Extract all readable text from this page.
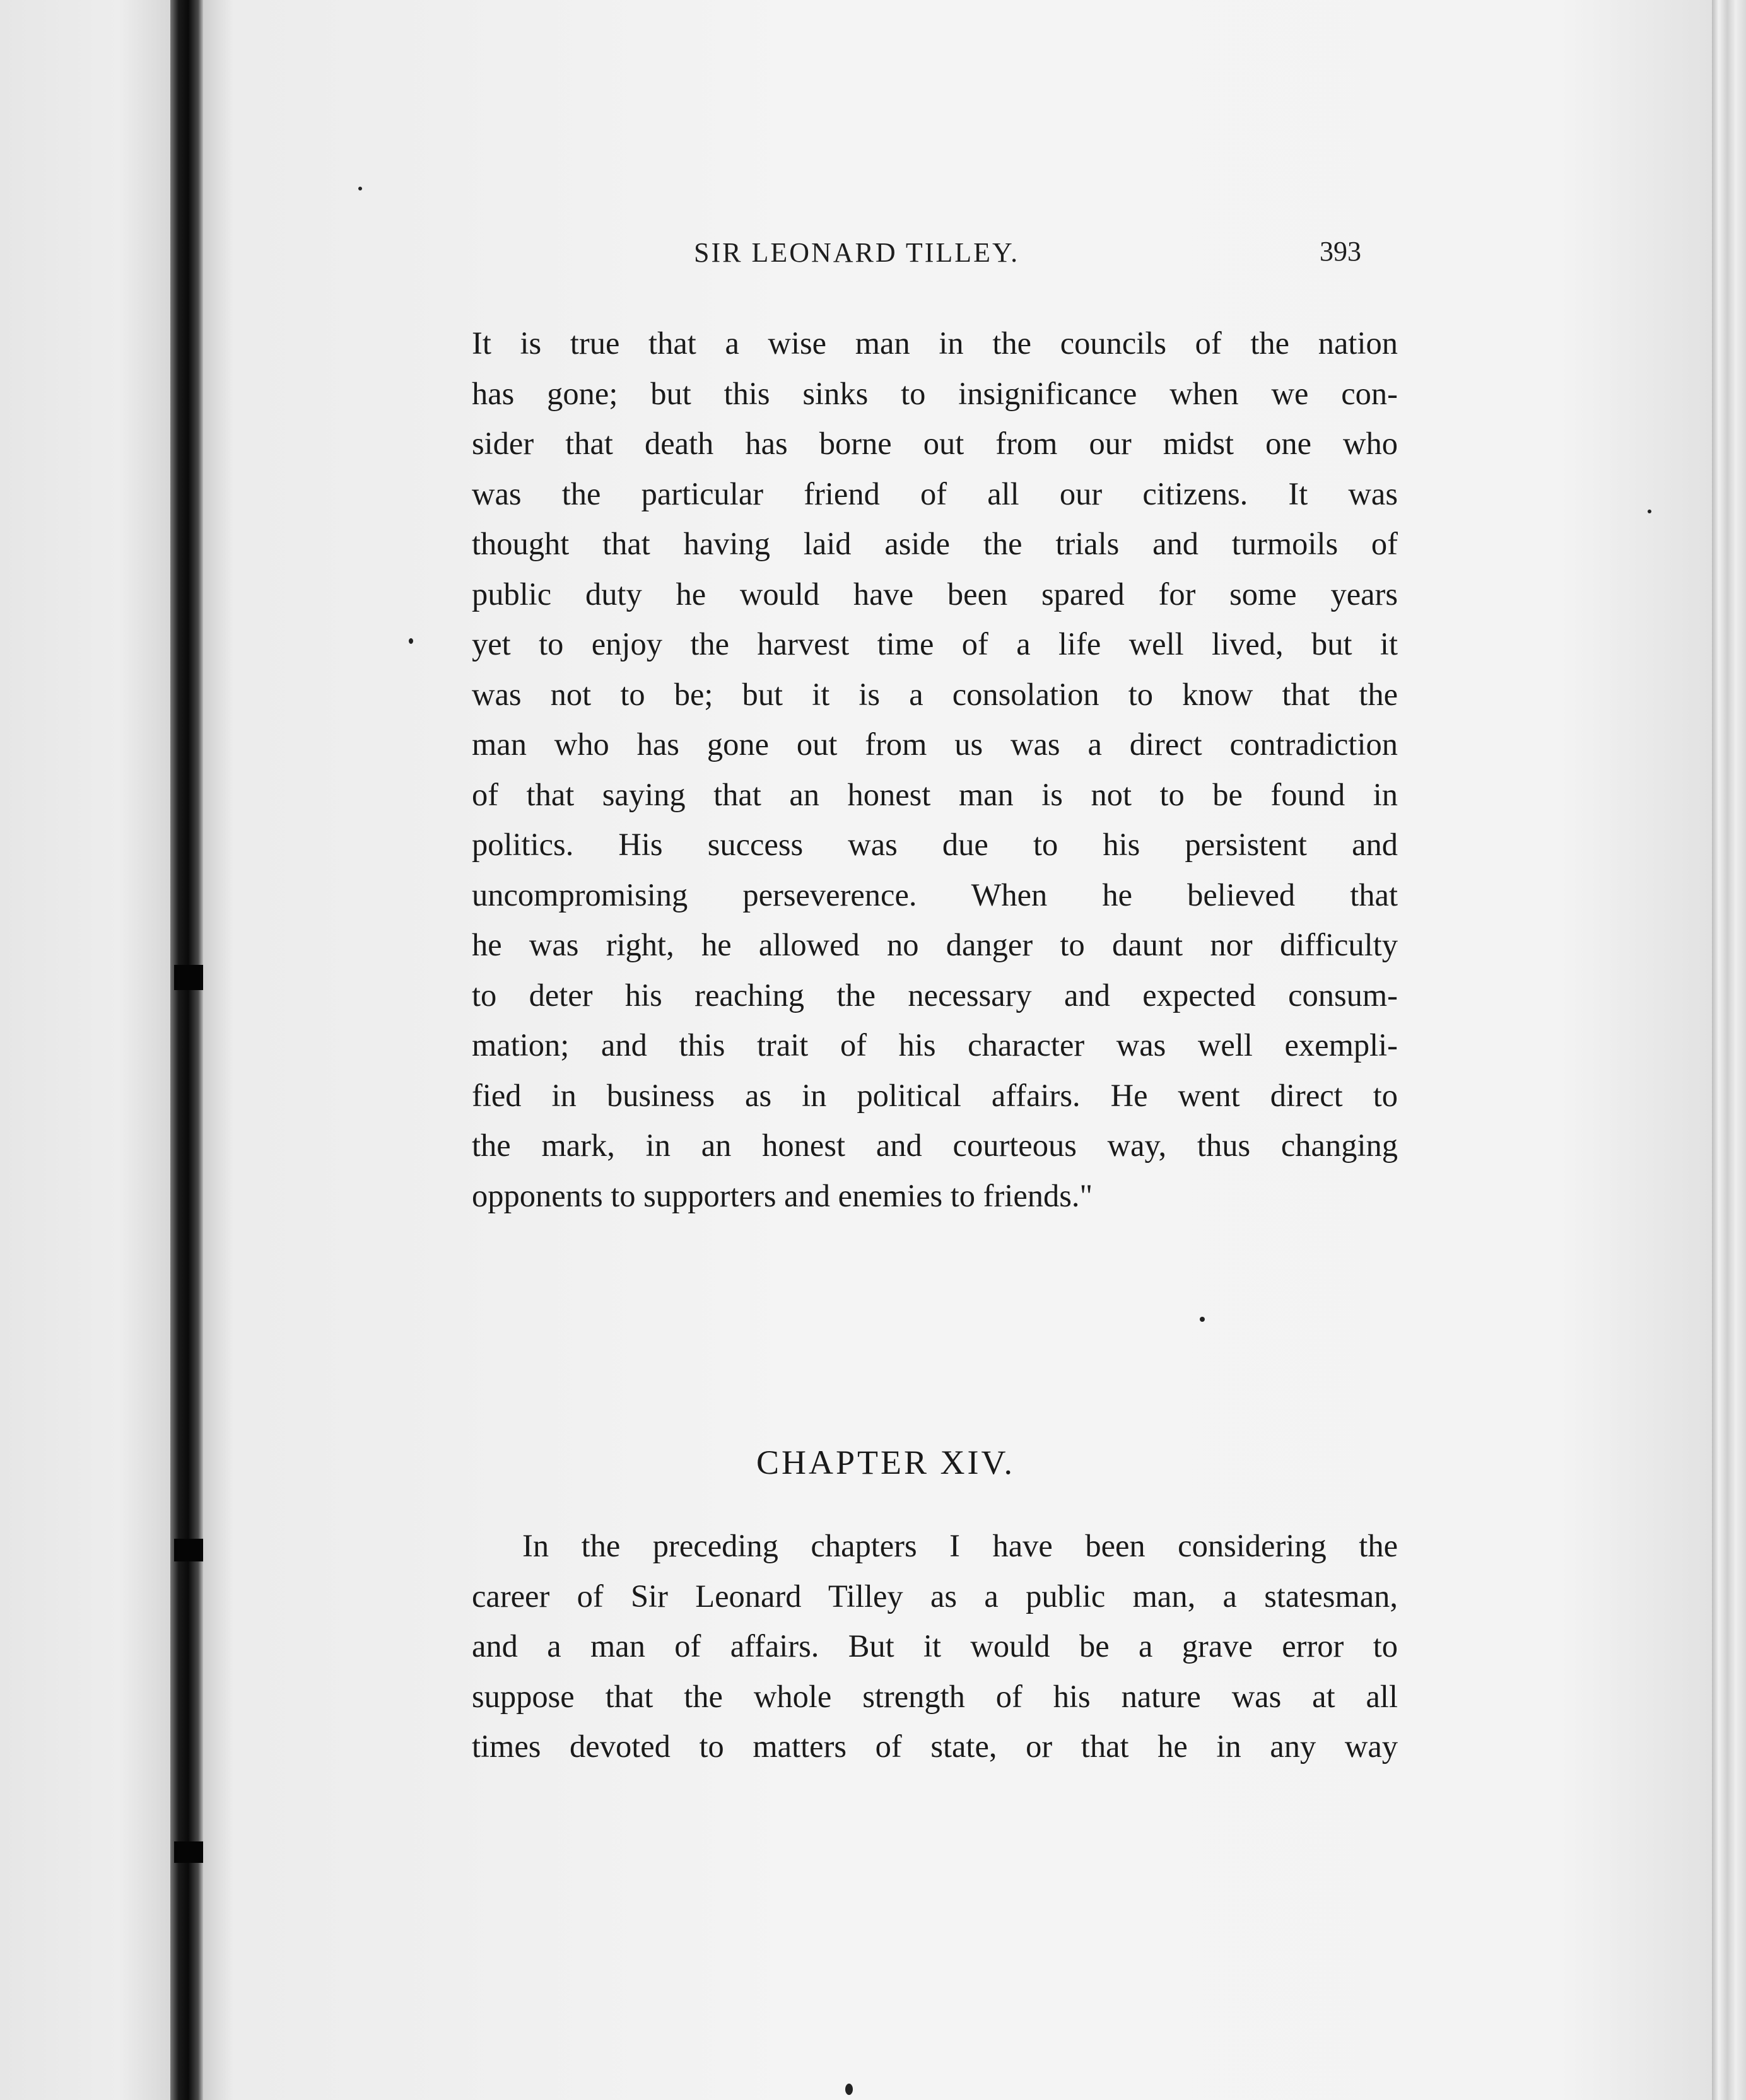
SIR LEONARD TILLEY.	393

It is true that a wise man in the councils of the nation
has gone; but this sinks to insignificance when we con-
sider that death has borne out from our midst one who
was the particular friend of all our citizens. It was
thought that having laid aside the trials and turmoils of
public duty he would have been spared for some years
yet to enjoy the harvest time of a life well lived, but it
was not to be; but it is a consolation to know that the
man who has gone out from us was a direct contradiction
of that saying that an honest man is not to be found in
politics. His success was due to his persistent and
uncompromising perseverence. When he believed that
he was right, he allowed no danger to daunt nor difficulty
to deter his reaching the necessary and expected consum-
mation; and this trait of his character was well exempli-
fied in business as in political affairs. He went direct to
the mark, in an honest and courteous way, thus changing
opponents to supporters and enemies to friends."
CHAPTER XIV.
In the preceding chapters I have been considering the
career of Sir Leonard Tilley as a public man, a statesman,
and a man of affairs. But it would be a grave error to
suppose that the whole strength of his nature was at all
times devoted to matters of state, or that he in any way
